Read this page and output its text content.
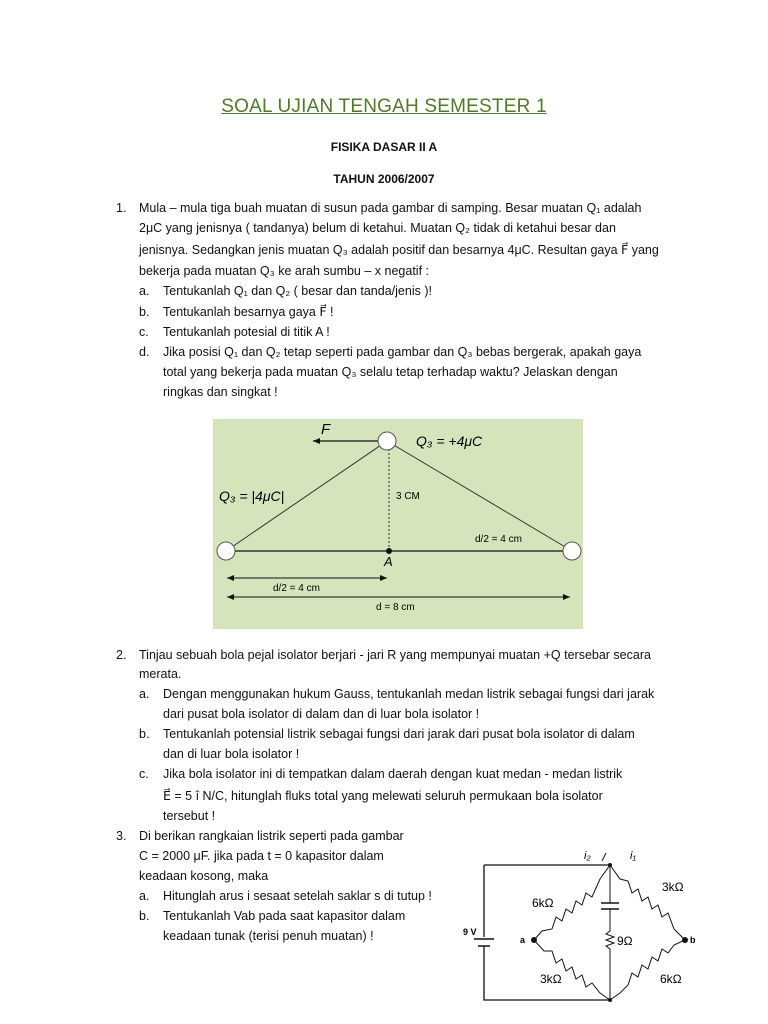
SOAL UJIAN TENGAH SEMESTER 1
FISIKA DASAR II A
TAHUN 2006/2007
1. Mula – mula tiga buah muatan di susun pada gambar di samping. Besar muatan Q₁ adalah
2μC yang jenisnya ( tandanya) belum di ketahui. Muatan Q₂ tidak di ketahui besar dan
jenisnya. Sedangkan jenis muatan Q₃ adalah positif dan besarnya 4μC. Resultan gaya F⃗ yang
bekerja pada muatan Q₃ ke arah sumbu – x negatif :
a. Tentukanlah Q₁ dan Q₂ ( besar dan tanda/jenis )!
b. Tentukanlah besarnya gaya F⃗ !
c. Tentukanlah potesial di titik A !
d. Jika posisi Q₁ dan Q₂ tetap seperti pada gambar dan Q₃ bebas bergerak, apakah gaya
total yang bekerja pada muatan Q₃ selalu tetap terhadap waktu? Jelaskan dengan
ringkas dan singkat !
F
Q₃ = +4μC
Q₃ = |4μC|	3 CM
A
d/2 = 4 cm
d/2 = 4 cm
d = 8 cm
2. Tinjau sebuah bola pejal isolator berjari - jari R yang mempunyai muatan +Q tersebar secara
merata.
a. Dengan menggunakan hukum Gauss, tentukanlah medan listrik sebagai fungsi dari jarak
dari pusat bola isolator di dalam dan di luar bola isolator !
b. Tentukanlah potensial listrik sebagai fungsi dari jarak dari pusat bola isolator di dalam
dan di luar bola isolator !
c. Jika bola isolator ini di tempatkan dalam daerah dengan kuat medan - medan listrik
E⃗ = 5 î N/C, hitunglah fluks total yang melewati seluruh permukaan bola isolator
tersebut !
3. Di berikan rangkaian listrik seperti pada gambar
C = 2000 μF. jika pada t = 0 kapasitor dalam
keadaan kosong, maka
a. Hitunglah arus i sesaat setelah saklar s di tutup !
b. Tentukanlah Vab pada saat kapasitor dalam
keadaan tunak (terisi penuh muatan) !	9 V
a	b
i₂	i₁
6kΩ
3kΩ
9Ω
3kΩ	6kΩ
